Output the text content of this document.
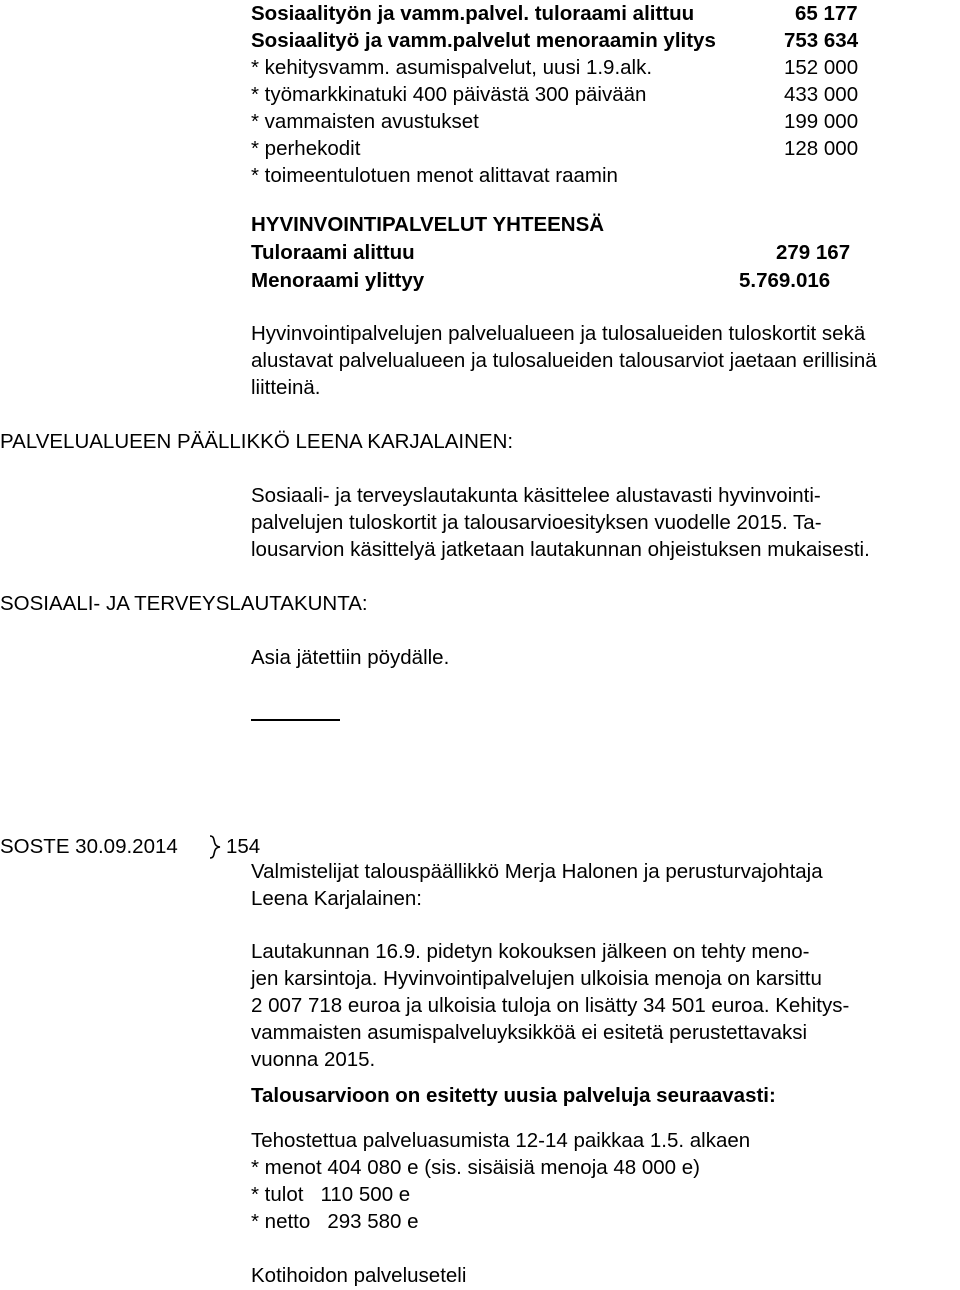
Sosiaalityön ja vamm.palvel. tuloraami alittuu	65 177
Sosiaalityö ja vamm.palvelut menoraamin ylitys	753 634
* kehitysvamm. asumispalvelut, uusi 1.9.alk.	152 000
* työmarkkinatuki 400 päivästä 300 päivään	433 000
* vammaisten avustukset	199 000
* perhekodit	128 000
* toimeentulotuen menot alittavat raamin
HYVINVOINTIPALVELUT YHTEENSÄ
Tuloraami alittuu	279 167
Menoraami ylittyy	5.769.016
Hyvinvointipalvelujen palvelualueen ja tulosalueiden tuloskortit sekä
alustavat palvelualueen ja tulosalueiden talousarviot jaetaan erillisinä
liitteinä.
PALVELUALUEEN PÄÄLLIKKÖ LEENA KARJALAINEN:
Sosiaali- ja terveyslautakunta käsittelee alustavasti hyvinvointi-
palvelujen tuloskortit ja talousarvioesityksen vuodelle 2015. Ta-
lousarvion käsittelyä jatketaan lautakunnan ohjeistuksen mukaisesti.
SOSIAALI- JA TERVEYSLAUTAKUNTA:
Asia jätettiin pöydälle.
SOSTE 30.09.2014 154
Valmistelijat talouspäällikkö Merja Halonen ja perusturvajohtaja
Leena Karjalainen:
Lautakunnan 16.9. pidetyn kokouksen jälkeen on tehty meno-
jen karsintoja. Hyvinvointipalvelujen ulkoisia menoja on karsittu
2 007 718 euroa ja ulkoisia tuloja on lisätty 34 501 euroa. Kehitys-
vammaisten asumispalveluyksikköä ei esitetä perustettavaksi
vuonna 2015.
Talousarvioon on esitetty uusia palveluja seuraavasti:
Tehostettua palveluasumista 12-14 paikkaa 1.5. alkaen
* menot 404 080 e (sis. sisäisiä menoja 48 000 e)
* tulot   110 500 e
* netto   293 580 e
Kotihoidon palveluseteli
